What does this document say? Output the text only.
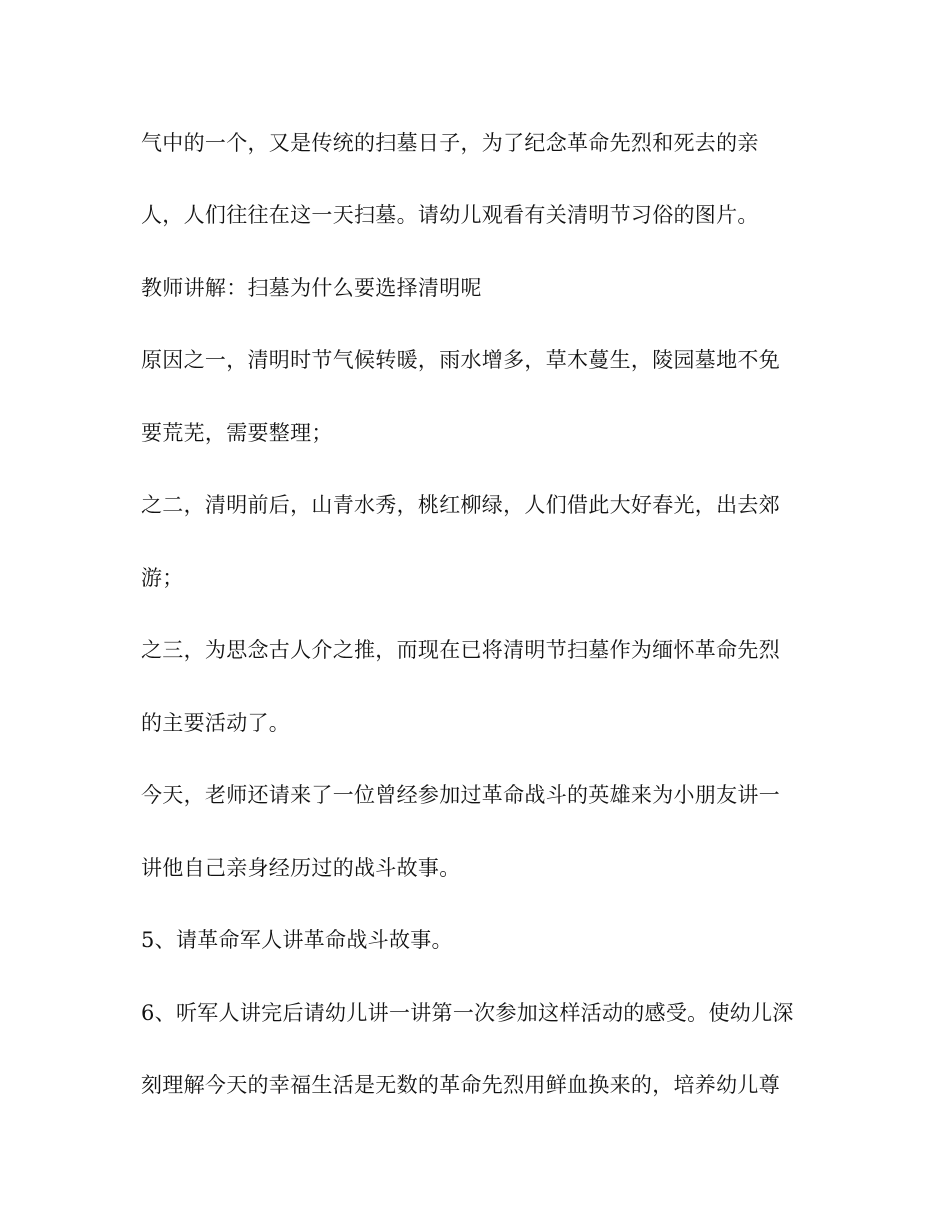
气中的一个，又是传统的扫墓日子，为了纪念革命先烈和死去的亲
人，人们往往在这一天扫墓。请幼儿观看有关清明节习俗的图片。
教师讲解：扫墓为什么要选择清明呢
原因之一，清明时节气候转暖，雨水增多，草木蔓生，陵园墓地不免
要荒芜，需要整理；
之二，清明前后，山青水秀，桃红柳绿，人们借此大好春光，出去郊
游；
之三，为思念古人介之推，而现在已将清明节扫墓作为缅怀革命先烈
的主要活动了。
今天，老师还请来了一位曾经参加过革命战斗的英雄来为小朋友讲一
讲他自己亲身经历过的战斗故事。
5、请革命军人讲革命战斗故事。
6、听军人讲完后请幼儿讲一讲第一次参加这样活动的感受。使幼儿深
刻理解今天的幸福生活是无数的革命先烈用鲜血换来的，培养幼儿尊
